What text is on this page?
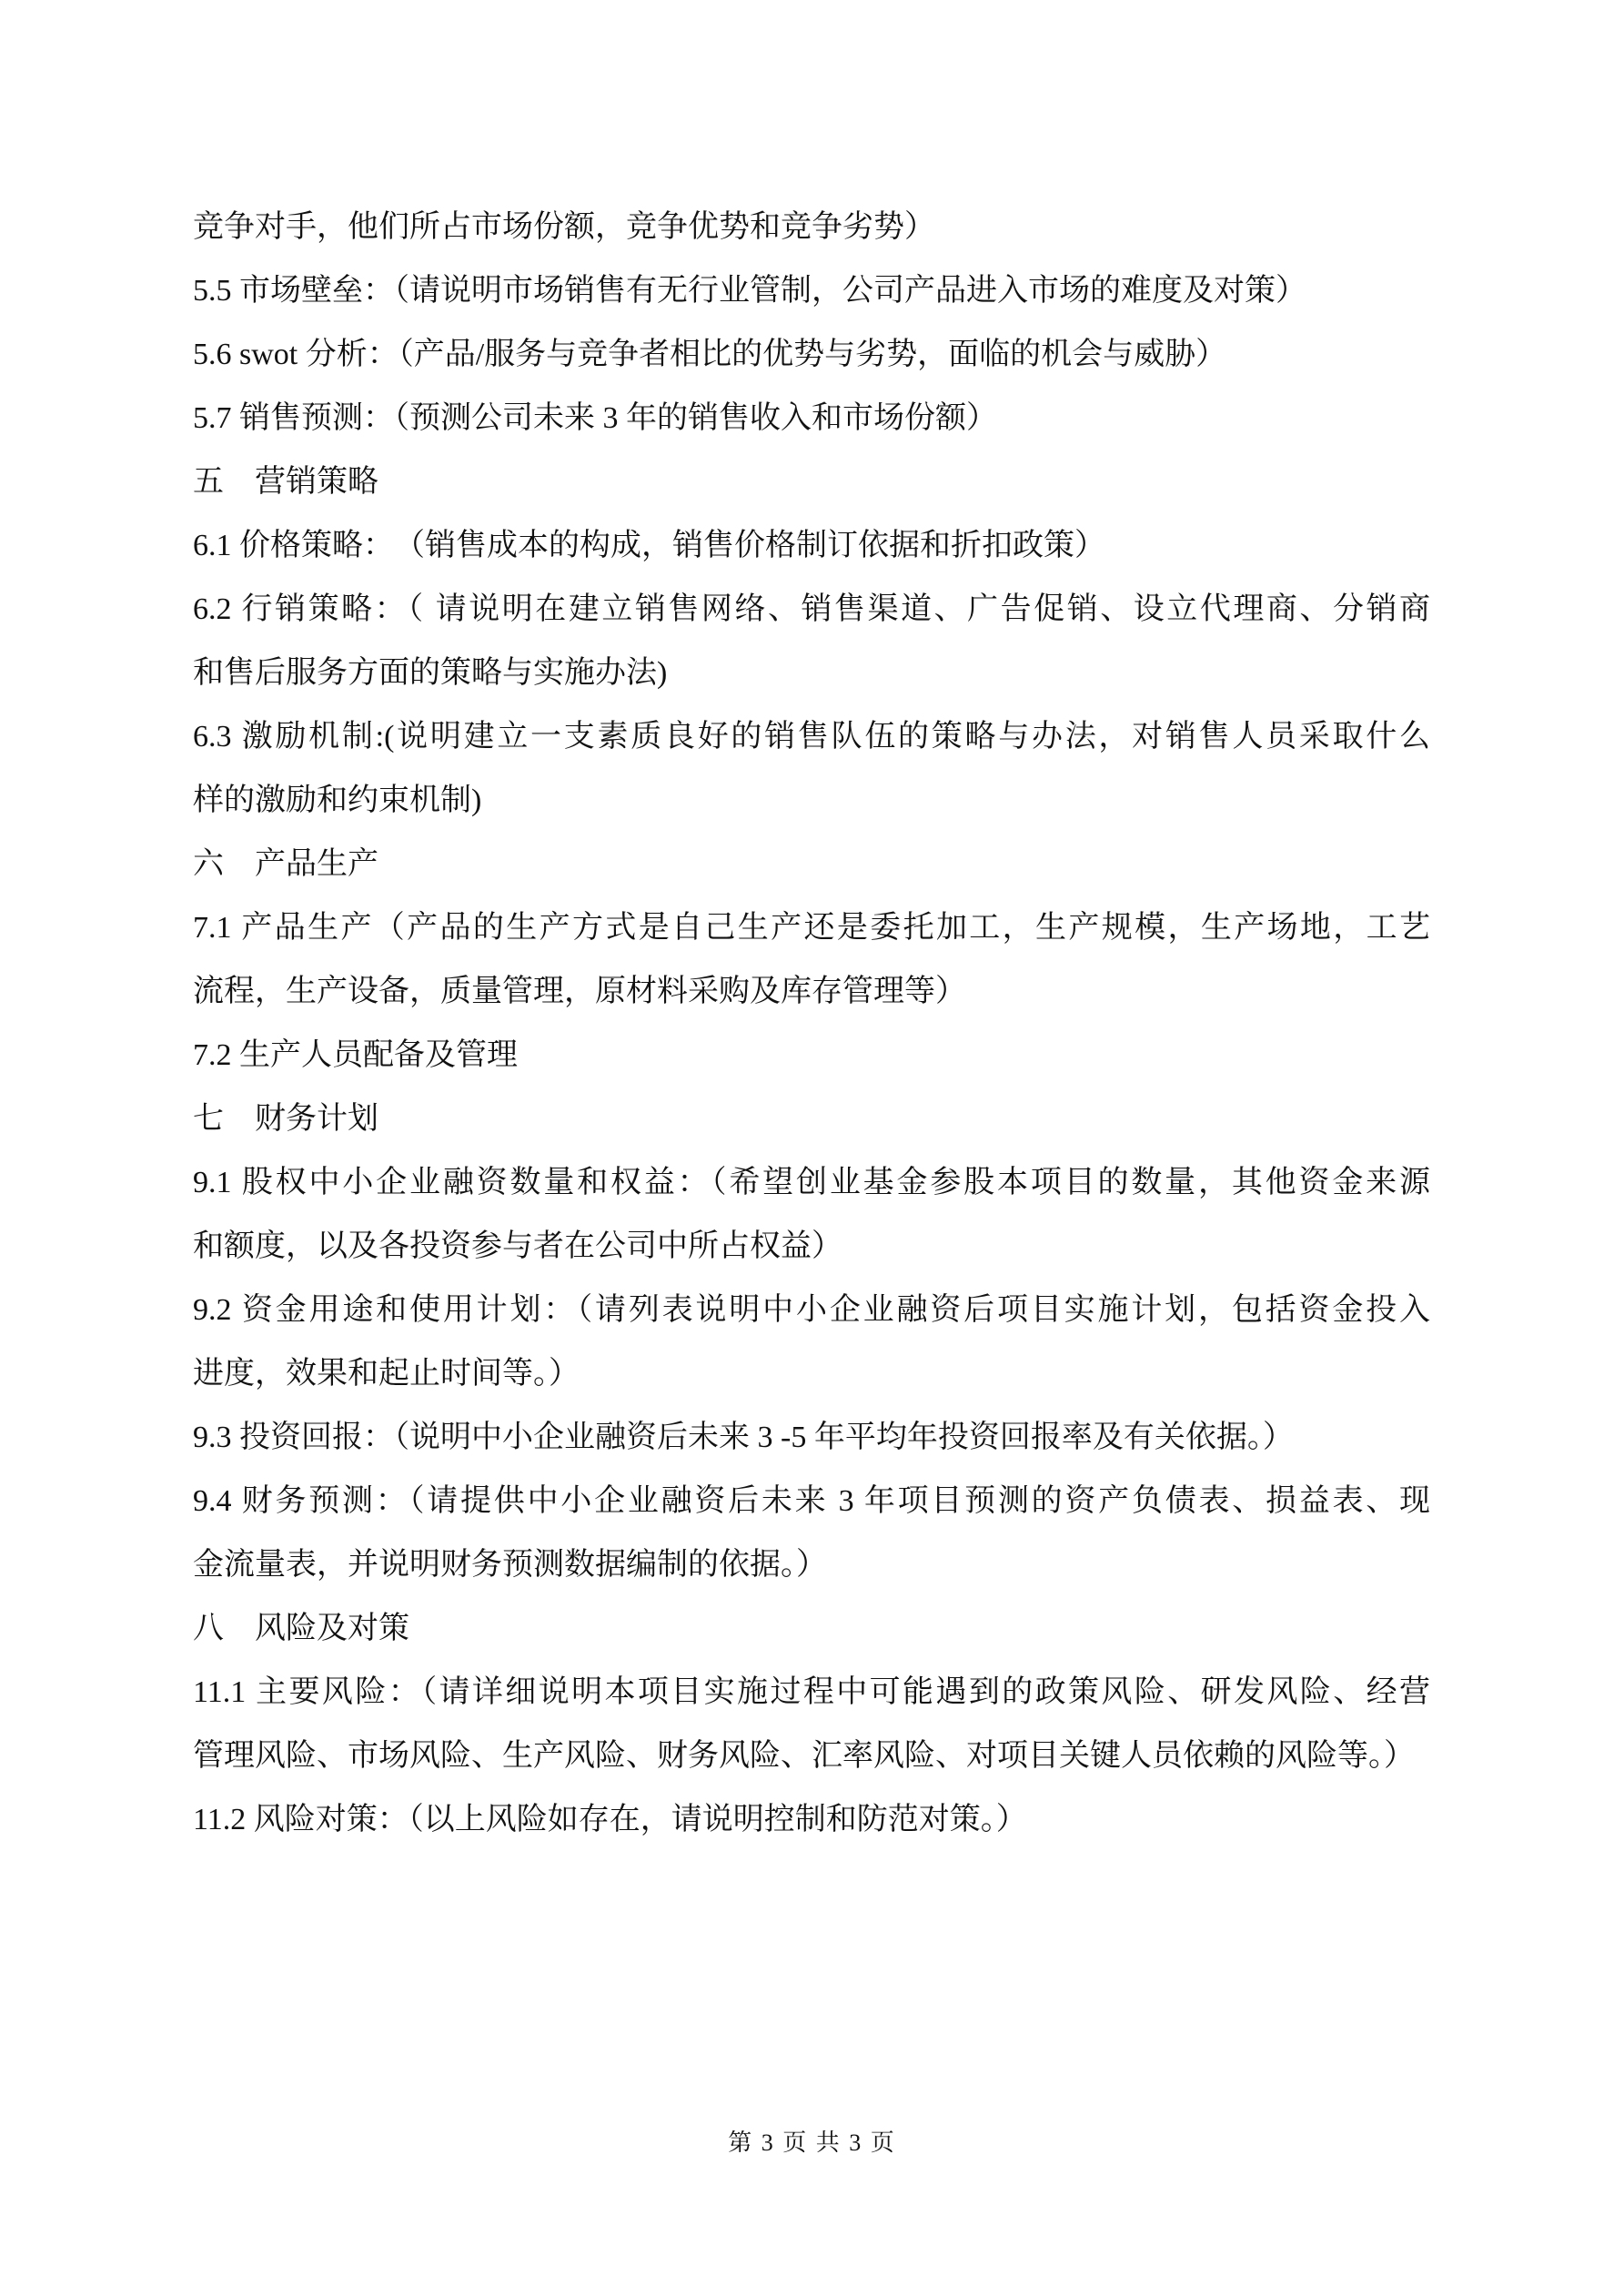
竞争对手，他们所占市场份额，竞争优势和竞争劣势）
5.5 市场壁垒：（请说明市场销售有无行业管制，公司产品进入市场的难度及对策）
5.6 swot 分析：（产品/服务与竞争者相比的优势与劣势，面临的机会与威胁）
5.7 销售预测：（预测公司未来 3 年的销售收入和市场份额）
五　营销策略
6.1 价格策略：　（销售成本的构成，销售价格制订依据和折扣政策）
6.2 行销策略：（ 请说明在建立销售网络、销售渠道、广告促销、设立代理商、分销商
和售后服务方面的策略与实施办法)
6.3 激励机制:(说明建立一支素质良好的销售队伍的策略与办法，对销售人员采取什么
样的激励和约束机制)
六　产品生产
7.1 产品生产（产品的生产方式是自己生产还是委托加工，生产规模，生产场地，工艺
流程，生产设备，质量管理，原材料采购及库存管理等）
7.2 生产人员配备及管理
七　财务计划
9.1 股权中小企业融资数量和权益：（希望创业基金参股本项目的数量，其他资金来源
和额度，以及各投资参与者在公司中所占权益）
9.2 资金用途和使用计划：（请列表说明中小企业融资后项目实施计划，包括资金投入
进度，效果和起止时间等。）
9.3 投资回报：（说明中小企业融资后未来 3 -5 年平均年投资回报率及有关依据。）
9.4 财务预测：（请提供中小企业融资后未来 3 年项目预测的资产负债表、损益表、现
金流量表，并说明财务预测数据编制的依据。）
八　风险及对策
11.1 主要风险：（请详细说明本项目实施过程中可能遇到的政策风险、研发风险、经营
管理风险、市场风险、生产风险、财务风险、汇率风险、对项目关键人员依赖的风险等。）
11.2 风险对策：（以上风险如存在，请说明控制和防范对策。）
第 3 页 共 3 页
